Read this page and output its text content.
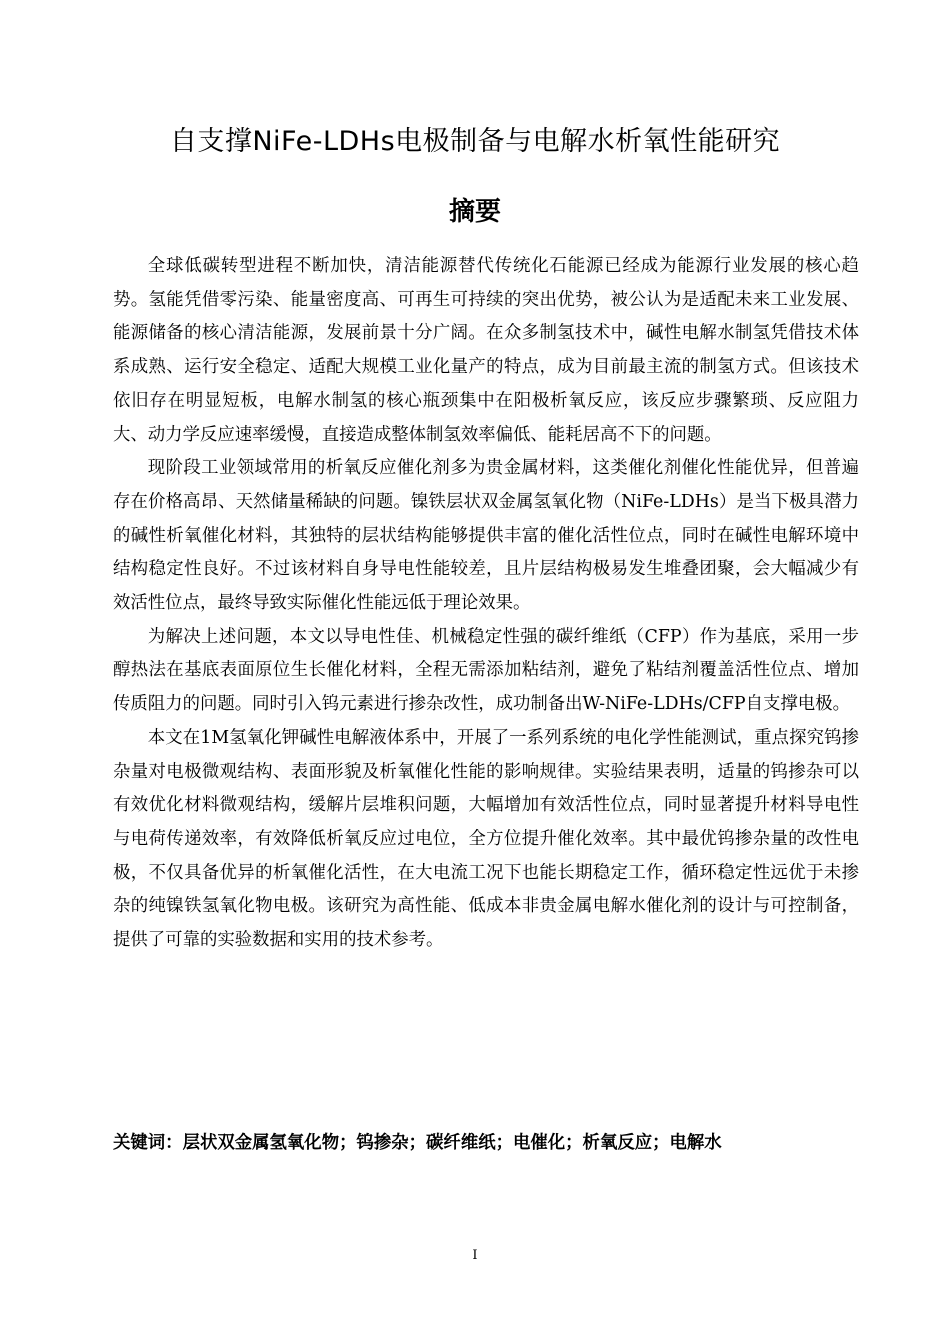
自支撑NiFe-LDHs电极制备与电解水析氧性能研究
摘要

全球低碳转型进程不断加快，清洁能源替代传统化石能源已经成为能源行业发展的核心趋势。氢能凭借零污染、能量密度高、可再生可持续的突出优势，被公认为是适配未来工业发展、能源储备的核心清洁能源，发展前景十分广阔。在众多制氢技术中，碱性电解水制氢凭借技术体系成熟、运行安全稳定、适配大规模工业化量产的特点，成为目前最主流的制氢方式。但该技术依旧存在明显短板，电解水制氢的核心瓶颈集中在阳极析氧反应，该反应步骤繁琐、反应阻力大、动力学反应速率缓慢，直接造成整体制氢效率偏低、能耗居高不下的问题。

现阶段工业领域常用的析氧反应催化剂多为贵金属材料，这类催化剂催化性能优异，但普遍存在价格高昂、天然储量稀缺的问题。镍铁层状双金属氢氧化物（NiFe-LDHs）是当下极具潜力的碱性析氧催化材料，其独特的层状结构能够提供丰富的催化活性位点，同时在碱性电解环境中结构稳定性良好。不过该材料自身导电性能较差，且片层结构极易发生堆叠团聚，会大幅减少有效活性位点，最终导致实际催化性能远低于理论效果。

为解决上述问题，本文以导电性佳、机械稳定性强的碳纤维纸（CFP）作为基底，采用一步醇热法在基底表面原位生长催化材料，全程无需添加粘结剂，避免了粘结剂覆盖活性位点、增加传质阻力的问题。同时引入钨元素进行掺杂改性，成功制备出W-NiFe-LDHs/CFP自支撑电极。

本文在1M氢氧化钾碱性电解液体系中，开展了一系列系统的电化学性能测试，重点探究钨掺杂量对电极微观结构、表面形貌及析氧催化性能的影响规律。实验结果表明，适量的钨掺杂可以有效优化材料微观结构，缓解片层堆积问题，大幅增加有效活性位点，同时显著提升材料导电性与电荷传递效率，有效降低析氧反应过电位，全方位提升催化效率。其中最优钨掺杂量的改性电极，不仅具备优异的析氧催化活性，在大电流工况下也能长期稳定工作，循环稳定性远优于未掺杂的纯镍铁氢氧化物电极。该研究为高性能、低成本非贵金属电解水催化剂的设计与可控制备，提供了可靠的实验数据和实用的技术参考。

关键词：层状双金属氢氧化物；钨掺杂；碳纤维纸；电催化；析氧反应；电解水

I
